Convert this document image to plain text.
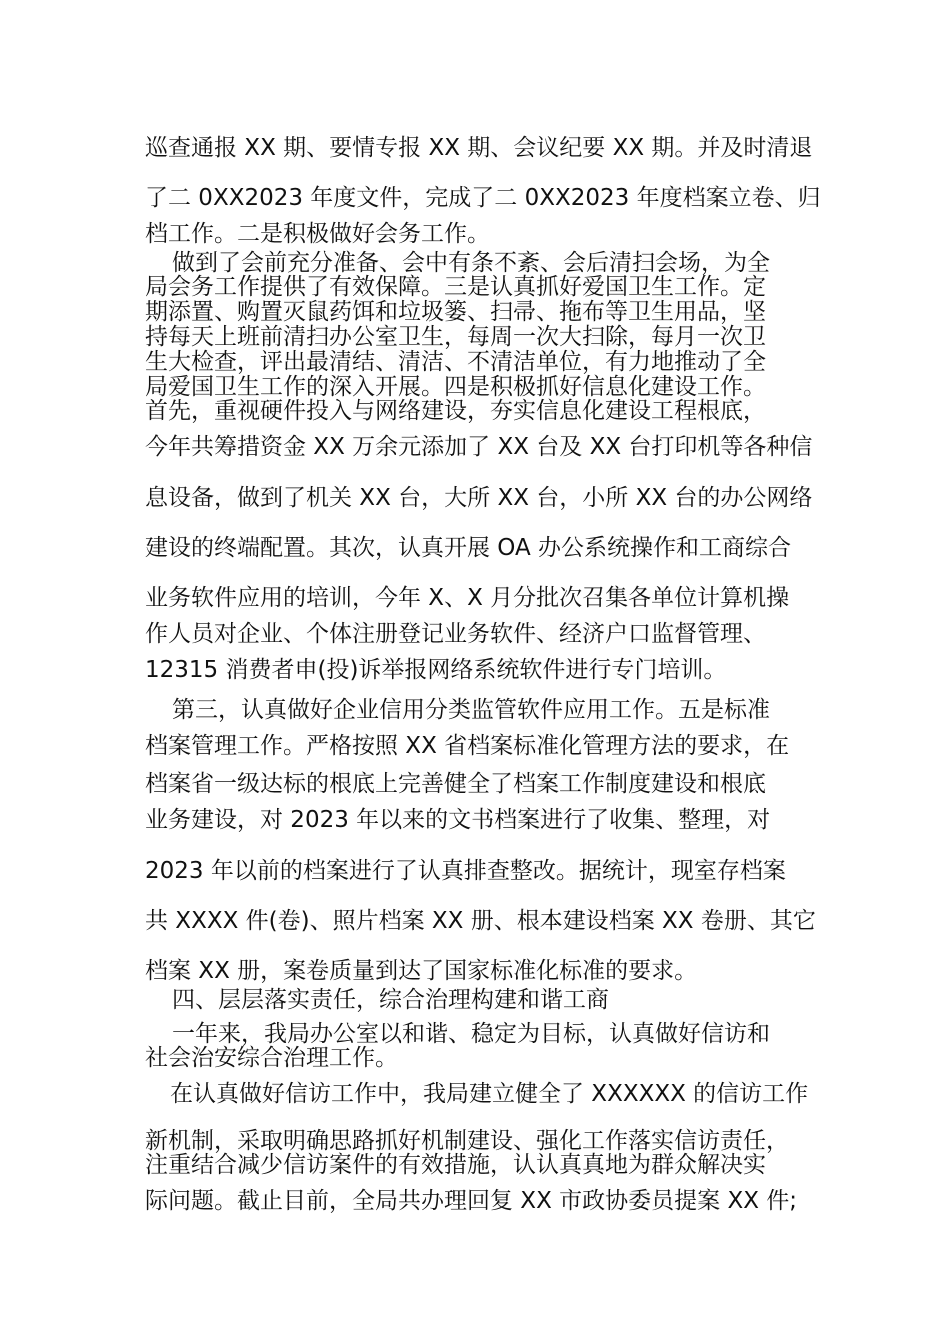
巡查通报 XX 期、要情专报 XX 期、会议纪要 XX 期。并及时清退
了二 0XX2023 年度文件，完成了二 0XX2023 年度档案立卷、归
档工作。二是积极做好会务工作。
做到了会前充分准备、会中有条不紊、会后清扫会场，为全
局会务工作提供了有效保障。三是认真抓好爱国卫生工作。定
期添置、购置灭鼠药饵和垃圾篓、扫帚、拖布等卫生用品，坚
持每天上班前清扫办公室卫生，每周一次大扫除，每月一次卫
生大检查，评出最清结、清洁、不清洁单位，有力地推动了全
局爱国卫生工作的深入开展。四是积极抓好信息化建设工作。
首先，重视硬件投入与网络建设，夯实信息化建设工程根底，
今年共筹措资金 XX 万余元添加了 XX 台及 XX 台打印机等各种信
息设备，做到了机关 XX 台，大所 XX 台，小所 XX 台的办公网络
建设的终端配置。其次，认真开展 OA 办公系统操作和工商综合
业务软件应用的培训，今年 X、X 月分批次召集各单位计算机操
作人员对企业、个体注册登记业务软件、经济户口监督管理、
12315 消费者申(投)诉举报网络系统软件进行专门培训。
第三，认真做好企业信用分类监管软件应用工作。五是标准
档案管理工作。严格按照 XX 省档案标准化管理方法的要求，在
档案省一级达标的根底上完善健全了档案工作制度建设和根底
业务建设，对 2023 年以来的文书档案进行了收集、整理，对
2023 年以前的档案进行了认真排查整改。据统计，现室存档案
共 XXXX 件(卷)、照片档案 XX 册、根本建设档案 XX 卷册、其它
档案 XX 册，案卷质量到达了国家标准化标准的要求。
四、层层落实责任，综合治理构建和谐工商
一年来，我局办公室以和谐、稳定为目标，认真做好信访和
社会治安综合治理工作。
在认真做好信访工作中，我局建立健全了 XXXXXX 的信访工作
新机制，采取明确思路抓好机制建设、强化工作落实信访责任，
注重结合减少信访案件的有效措施，认认真真地为群众解决实
际问题。截止目前，全局共办理回复 XX 市政协委员提案 XX 件;
